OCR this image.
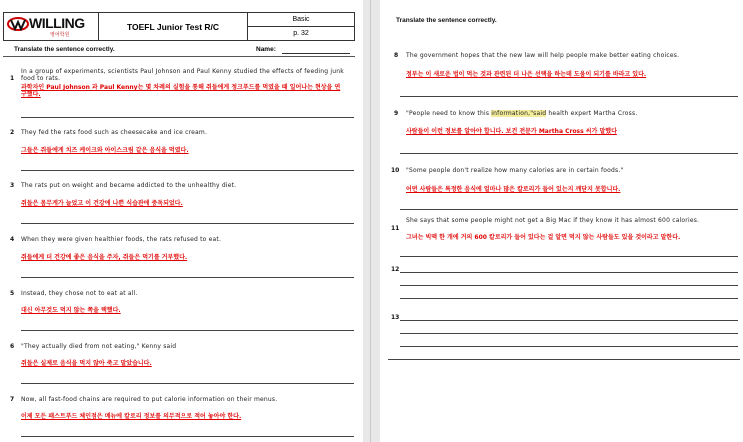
WILLING
영어학원
TOEFL Junior Test R/C
Basic
p. 32
Translate the sentence correctly.	Name:
1
In a group of experiments, scientists Paul Johnson and Paul Kenny studied the effects of feeding junk food to rats.
과학자인 Paul Johnson 과 Paul Kenny는 몇 차례의 실험을 통해 쥐들에게 정크푸드를 먹였을 때 일어나는 현상을 연구했다.
2 They fed the rats food such as cheesecake and ice cream.
그들은 쥐들에게 치즈 케이크와 아이스크림 같은 음식을 먹였다.
3 The rats put on weight and became addicted to the unhealthy diet.
쥐들은 몸무게가 늘었고 이 건강에 나쁜 식습관에 중독되었다.
4 When they were given healthier foods, the rats refused to eat.
쥐들에게 더 건강에 좋은 음식을 주자, 쥐들은 먹기를 거부했다.
5 Instead, they chose not to eat at all.
대신 아무것도 먹지 않는 쪽을 택했다.
6 "They actually died from not eating," Kenny said
쥐들은 실제로 음식을 먹지 않아 죽고 말았습니다.
7 Now, all fast-food chains are required to put calorie information on their menus.
이제 모든 패스트푸드 체인점은 메뉴에 칼로리 정보를 의무적으로 적어 놓아야 한다.
Translate the sentence correctly.
8 The government hopes that the new law will help people make better eating choices.
정부는 이 새로운 법이 먹는 것과 관련된 더 나은 선택을 하는데 도움이 되기를 바라고 있다.
9 "People need to know this information,"said health expert Martha Cross.
사람들이 이런 정보를 알아야 합니다. 보건 전문가 Martha Cross 씨가 말했다
10 "Some people don't realize how many calories are in certain foods."
어떤 사람들은 특정한 음식에 얼마나 많은 칼로리가 들어 있는지 깨닫지 못합니다.
11
She says that some people might not get a Big Mac if they know it has almost 600 calories.
그녀는 빅맥 한 개에 거의 600 칼로리가 들어 있다는 걸 알면 먹지 않는 사람들도 있을 것이라고 말한다.
12
13
